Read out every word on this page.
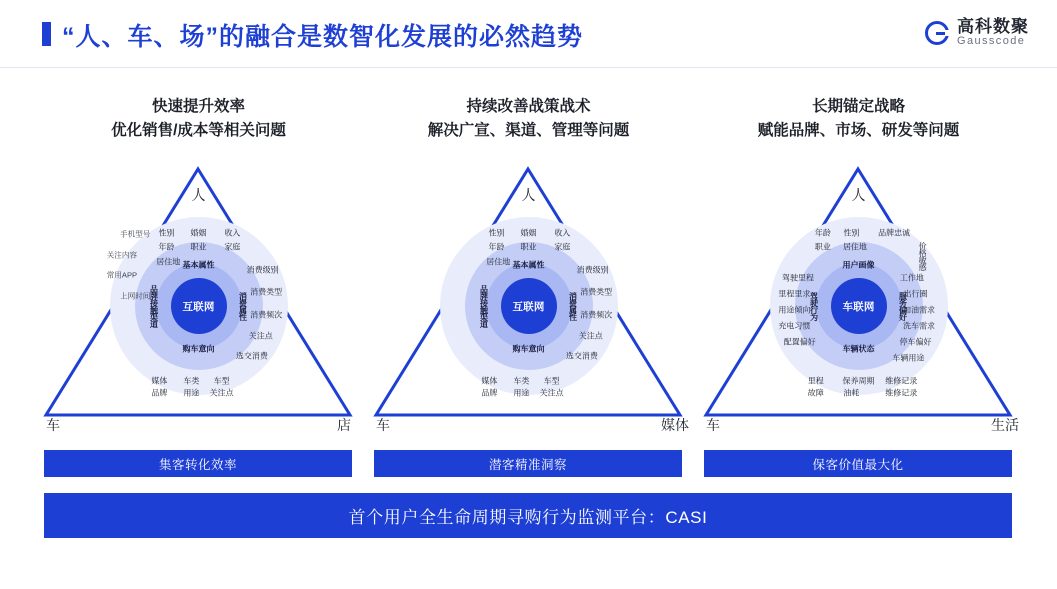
“人、车、场”的融合是数智化发展的必然趋势	高科数聚
Gausscode
快速提升效率
优化销售/成本等相关问题
人
车	店
互联网
基本属性
消费属性
购车意向
品牌接触渠道
性别 婚姻 收入
年龄 职业 家庭
居住地
消费级别
消费类型
消费频次
关注点
选交消费
媒体 车类 车型
品牌 用途 关注点
手机型号
关注内容
常用APP
上网时间
持续改善战策战术
解决广宣、渠道、管理等问题
人
车	媒体
互联网
基本属性
消费属性
购车意向
品牌接触渠道
性别 婚姻 收入
年龄 职业 家庭
居住地
消费级别
消费类型
消费频次
关注点
选交消费
媒体 车类 车型
品牌 用途 关注点
长期锚定战略
赋能品牌、市场、研发等问题
人
车	生活
车联网
用户画像
服务偏好
车辆状态
驾驶行为
年龄 性别 品牌忠诚
职业 居住地	价格敏感
工作地
驾驶里程
出行圈
里程里求
加油需求
用途倾向
洗车需求
充电习惯
停车偏好
配置偏好
车辆用途
里程 保养周期 维修记录
故障 油耗	维修记录
集客转化效率	潜客精准洞察	保客价值最大化
首个用户全生命周期寻购行为监测平台：CASI
